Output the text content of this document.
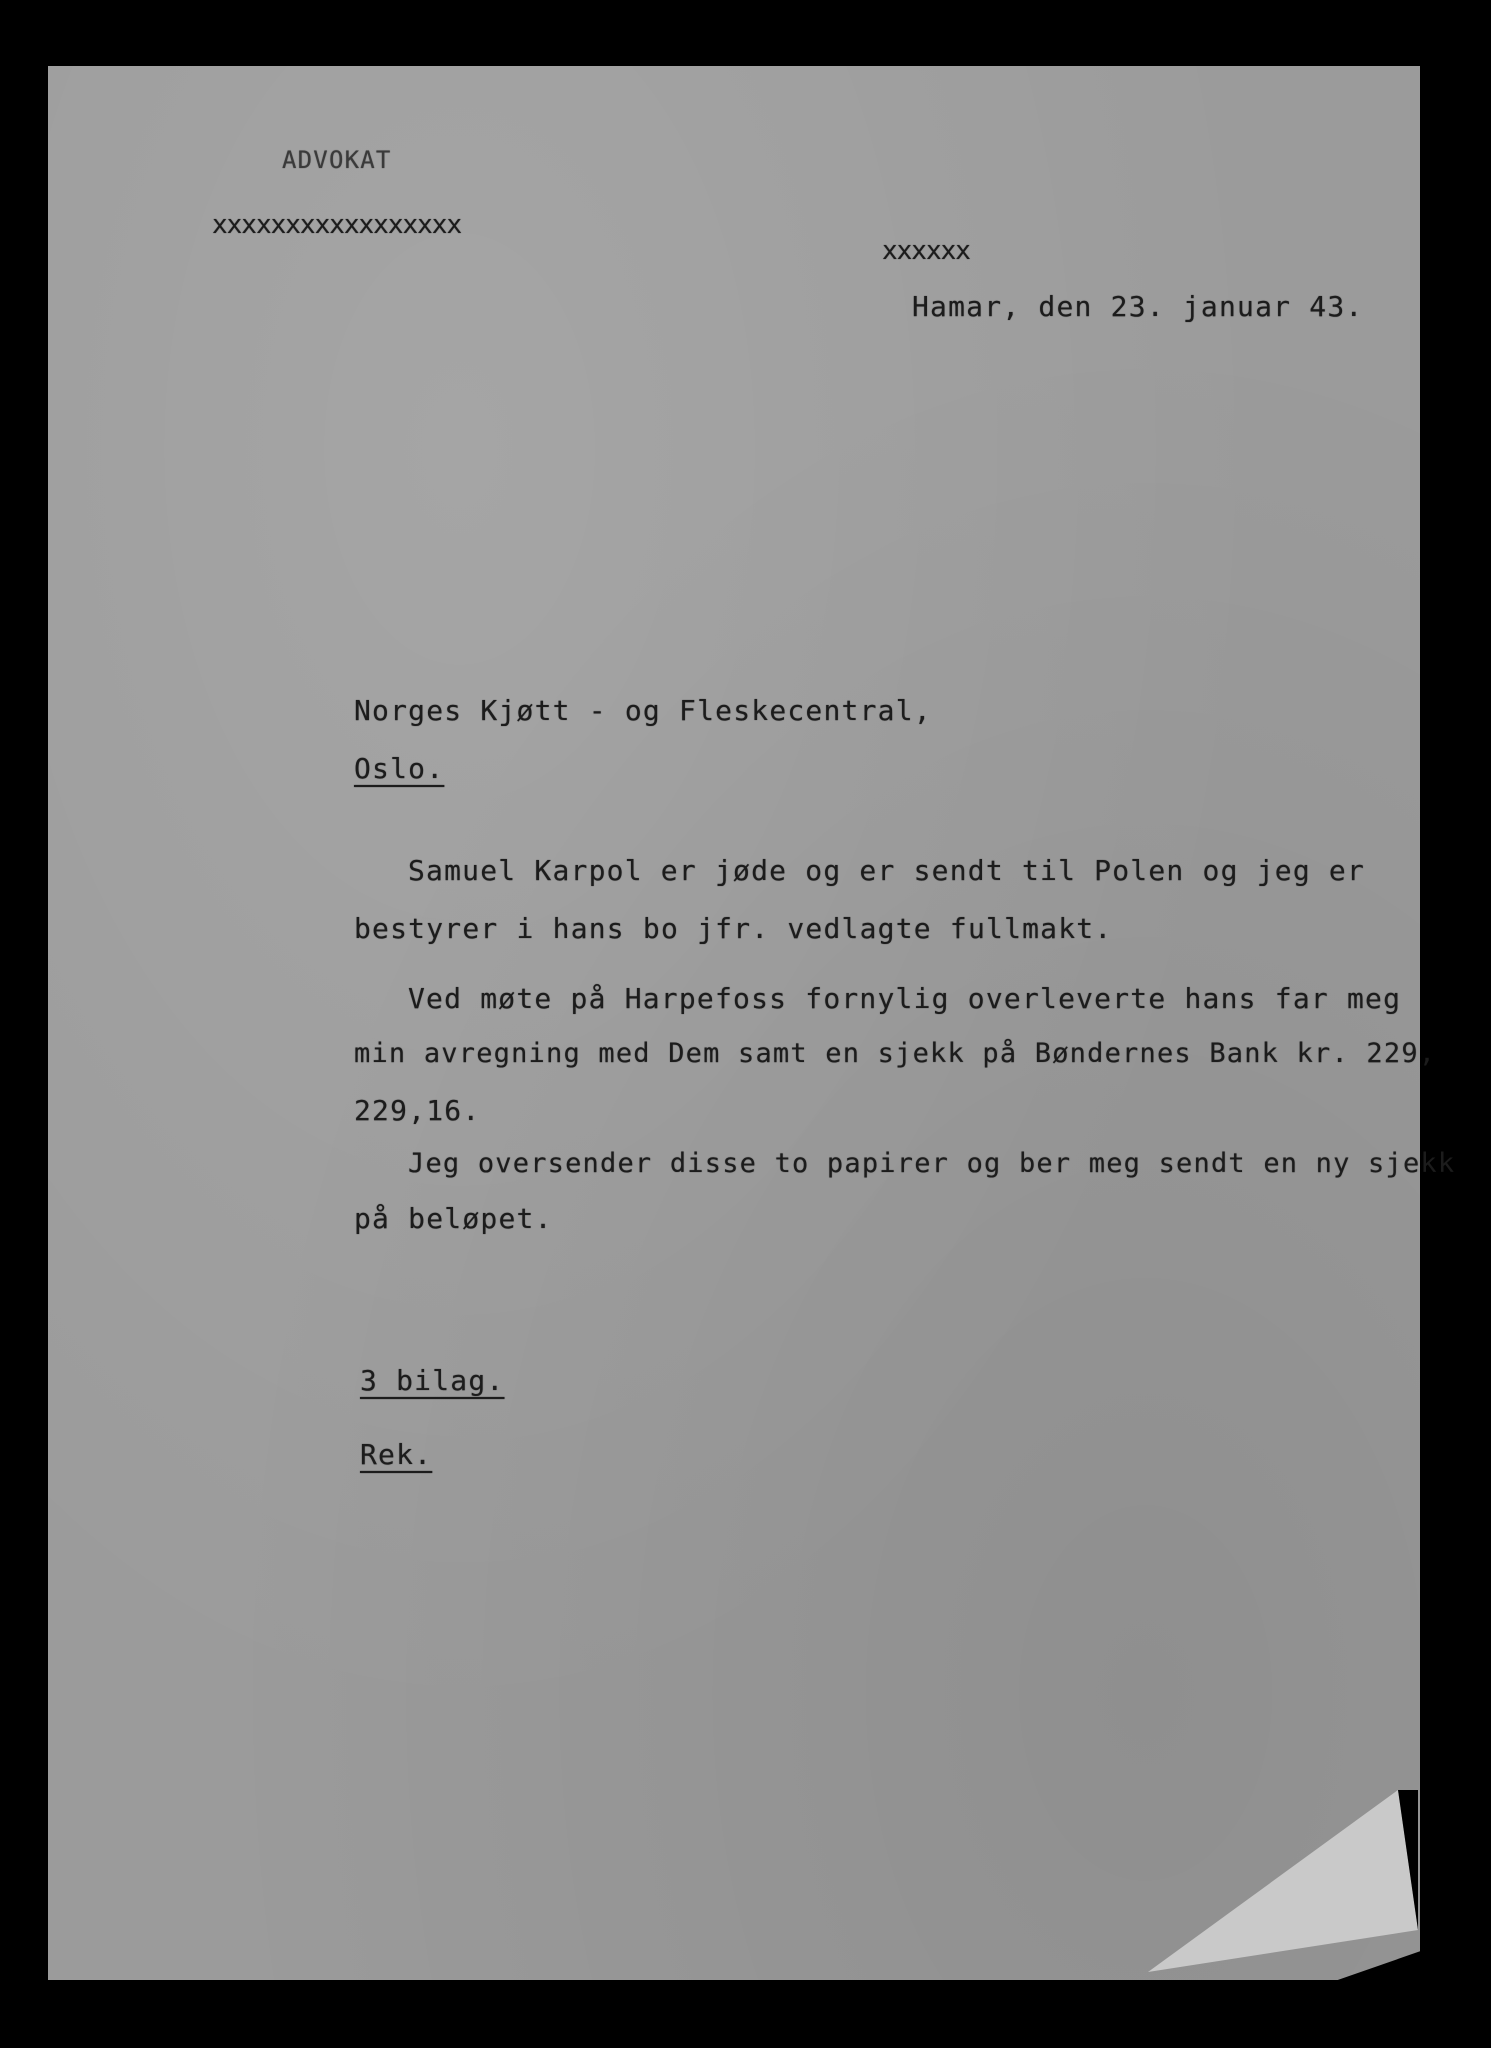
ADVOKAT
xxxxxxxxxxxxxxxxx
xxxxxx
Hamar, den 23. januar 43.
Norges Kjøtt - og Fleskecentral,
Oslo.
Samuel Karpol er jøde og er sendt til Polen og jeg er
bestyrer i hans bo jfr. vedlagte fullmakt.
Ved møte på Harpefoss fornylig overleverte hans far meg
min avregning med Dem samt en sjekk på Bøndernes Bank kr. 229,
229,16.
Jeg oversender disse to papirer og ber meg sendt en ny sjekk
på beløpet.
3 bilag.
Rek.
